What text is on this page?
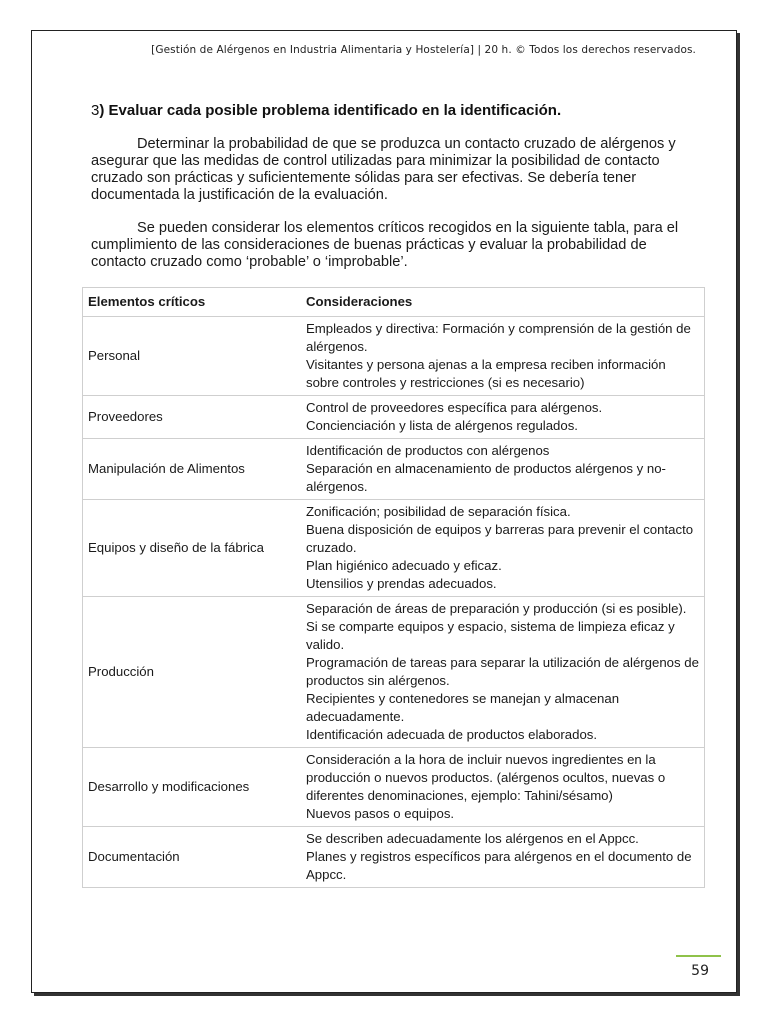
[Gestión de Alérgenos en Industria Alimentaria y Hostelería] | 20 h. © Todos los derechos reservados.
3) Evaluar cada posible problema identificado en la identificación.
Determinar la probabilidad de que se produzca un contacto cruzado de alérgenos y asegurar que las medidas de control utilizadas para minimizar la posibilidad de contacto cruzado son prácticas y suficientemente sólidas para ser efectivas. Se debería tener documentada la justificación de la evaluación.
Se pueden considerar los elementos críticos recogidos en la siguiente tabla, para el cumplimiento de las consideraciones de buenas prácticas y evaluar la probabilidad de contacto cruzado como ‘probable’ o ‘improbable’.
Elementos críticos	Consideraciones
Personal	Empleados y directiva: Formación y comprensión de la gestión de alérgenos.
Visitantes y persona ajenas a la empresa reciben información sobre controles y restricciones (si es necesario)

Proveedores	Control de proveedores específica para alérgenos.
Concienciación y lista de alérgenos regulados.

Manipulación de Alimentos	Identificación de productos con alérgenos
Separación en almacenamiento de productos alérgenos y no-alérgenos.

Equipos y diseño de la fábrica	Zonificación; posibilidad de separación física.
Buena disposición de equipos y barreras para prevenir el contacto cruzado.
Plan higiénico adecuado y eficaz.
Utensilios y prendas adecuados.

Producción	Separación de áreas de preparación y producción (si es posible).
Si se comparte equipos y espacio, sistema de limpieza eficaz y valido.
Programación de tareas para separar la utilización de alérgenos de productos sin alérgenos.
Recipientes y contenedores se manejan y almacenan adecuadamente.
Identificación adecuada de productos elaborados.

Desarrollo y modificaciones	Consideración a la hora de incluir nuevos ingredientes en la producción o nuevos productos. (alérgenos ocultos, nuevas o diferentes denominaciones, ejemplo: Tahini/sésamo)
Nuevos pasos o equipos.

Documentación	Se describen adecuadamente los alérgenos en el Appcc.
Planes y registros específicos para alérgenos en el documento de Appcc.
59
